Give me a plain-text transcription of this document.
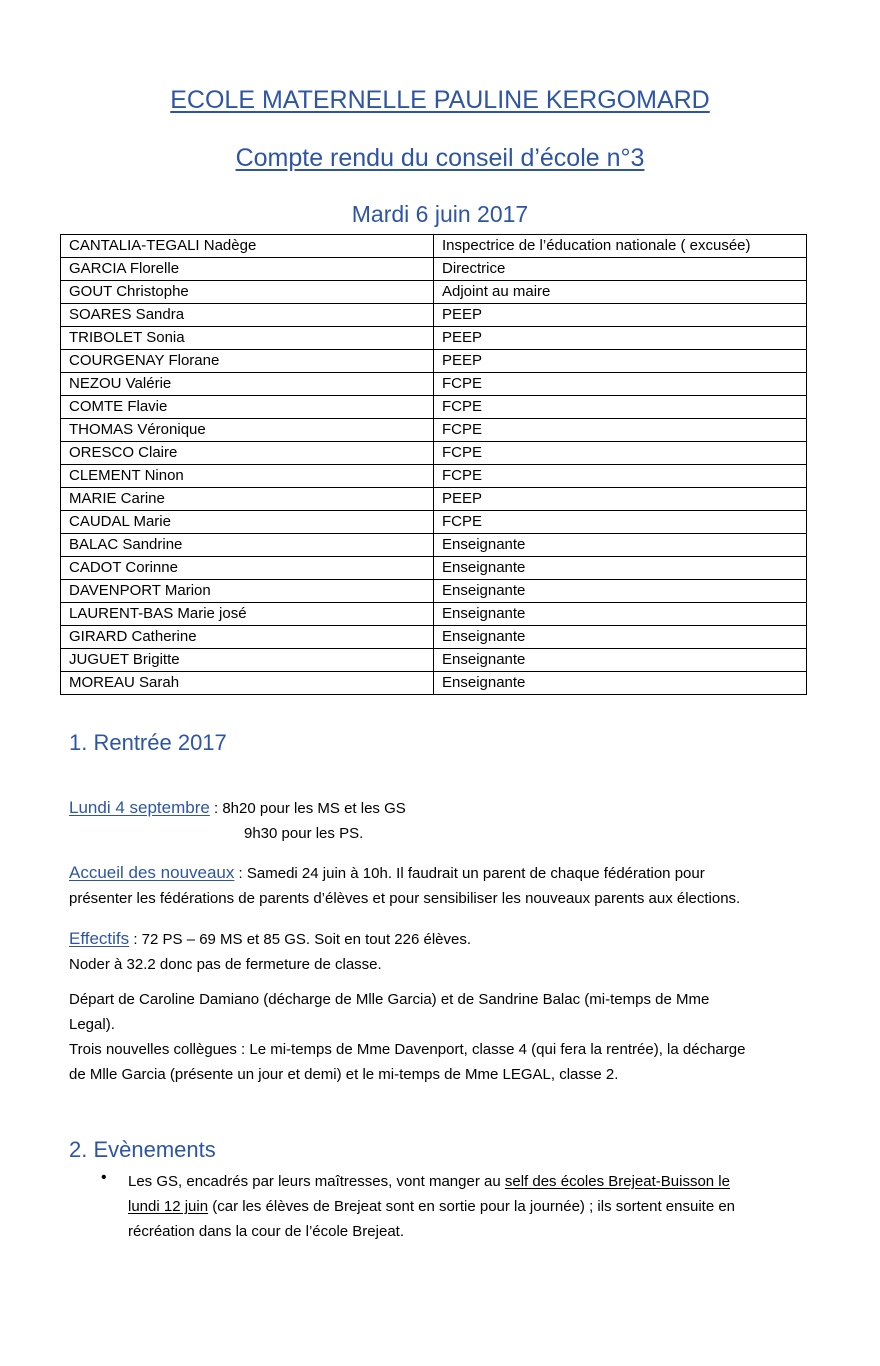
ECOLE MATERNELLE PAULINE KERGOMARD
Compte rendu du conseil d’école n°3
Mardi 6 juin 2017
CANTALIA-TEGALI Nadège	Inspectrice de l’éducation nationale ( excusée)
GARCIA Florelle	Directrice
GOUT Christophe	Adjoint au maire
SOARES Sandra	PEEP
TRIBOLET Sonia	PEEP
COURGENAY Florane	PEEP
NEZOU Valérie	FCPE
COMTE Flavie	FCPE
THOMAS Véronique	FCPE
ORESCO Claire	FCPE
CLEMENT Ninon	FCPE
MARIE Carine	PEEP
CAUDAL Marie	FCPE
BALAC Sandrine	Enseignante
CADOT Corinne	Enseignante
DAVENPORT Marion	Enseignante
LAURENT-BAS Marie josé	Enseignante
GIRARD Catherine	Enseignante
JUGUET Brigitte	Enseignante
MOREAU Sarah	Enseignante
1. Rentrée 2017
Lundi 4 septembre : 8h20 pour les MS et les GS
9h30 pour les PS.
Accueil des nouveaux : Samedi 24 juin à 10h. Il faudrait un parent de chaque fédération pour
présenter les fédérations de parents d’élèves et pour sensibiliser les nouveaux parents aux élections.
Effectifs : 72 PS – 69 MS et 85 GS. Soit en tout 226 élèves.
Noder à 32.2 donc pas de fermeture de classe.
Départ de Caroline Damiano (décharge de Mlle Garcia) et de Sandrine Balac (mi-temps de Mme
Legal).
Trois nouvelles collègues : Le mi-temps de Mme Davenport, classe 4 (qui fera la rentrée), la décharge
de Mlle Garcia (présente un jour et demi) et le mi-temps de Mme LEGAL, classe 2.
2. Evènements
• Les GS, encadrés par leurs maîtresses, vont manger au self des écoles Brejeat-Buisson le
lundi 12 juin (car les élèves de Brejeat sont en sortie pour la journée) ; ils sortent ensuite en
récréation dans la cour de l’école Brejeat.
